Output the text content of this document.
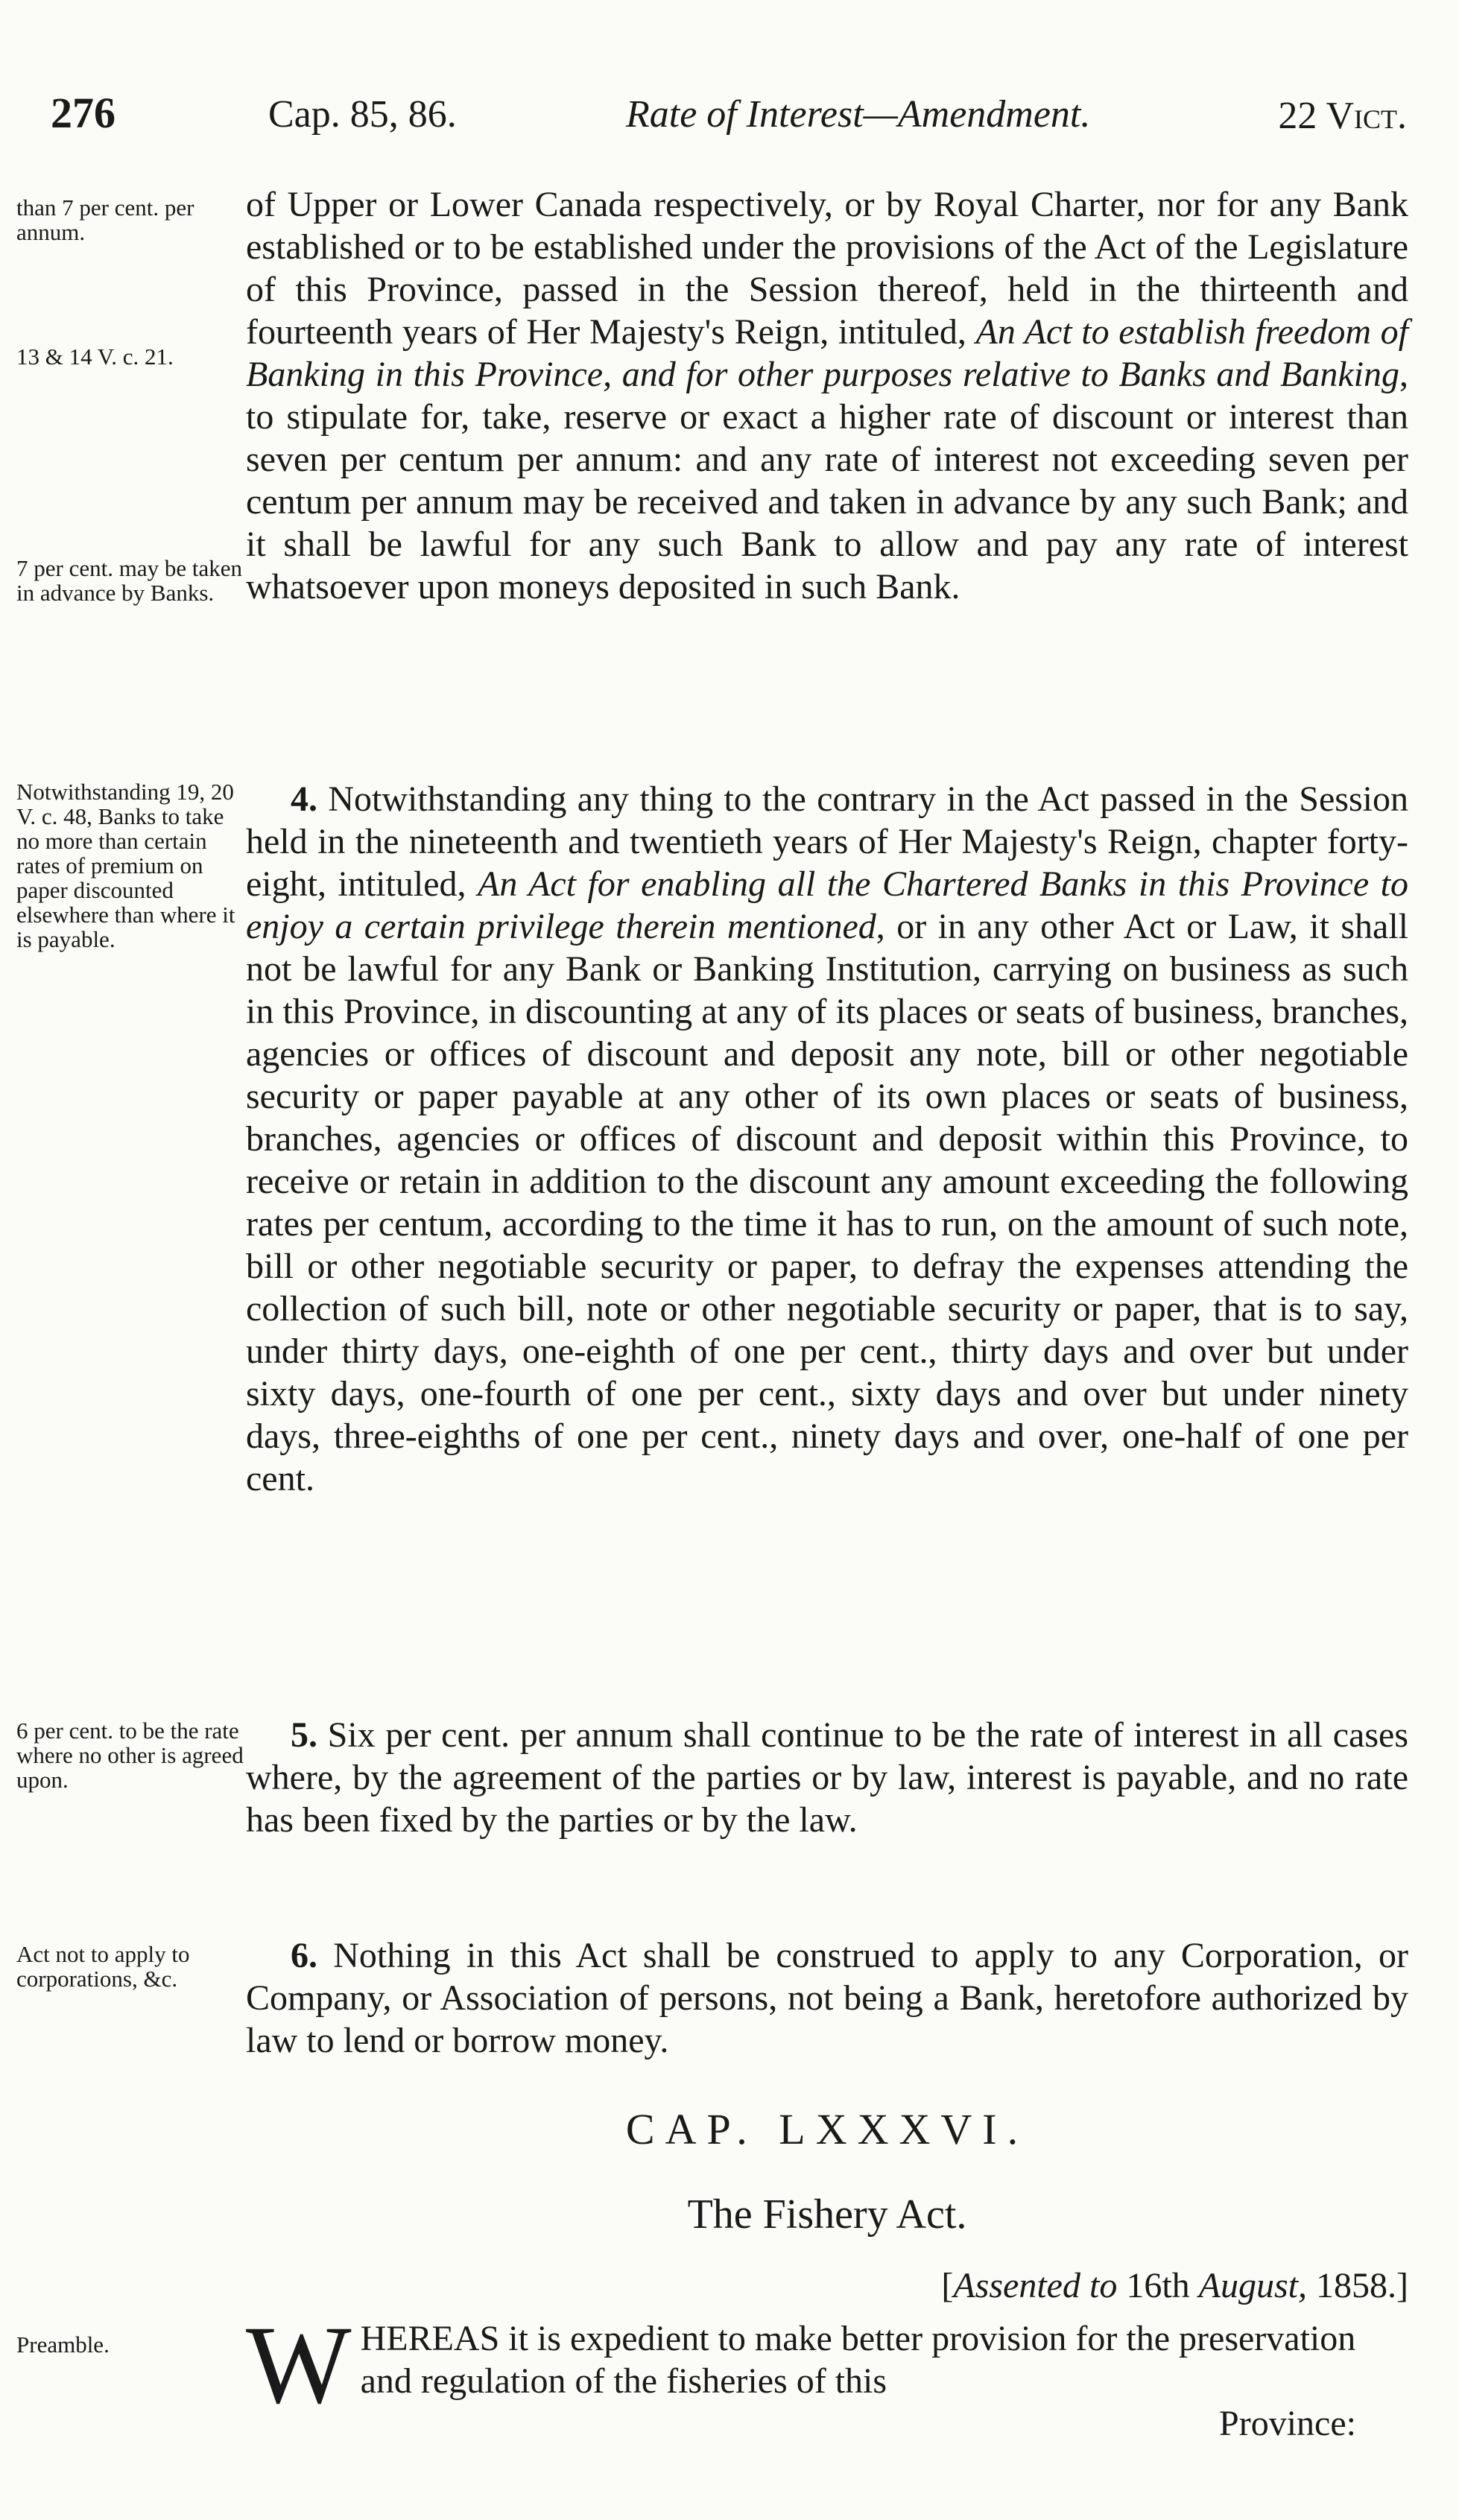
276	Cap. 85, 86.	Rate of Interest—Amendment.	22 Vict.
than 7 per cent. per annum.
13 & 14 V. c. 21.
7 per cent. may be taken in advance by Banks.
Notwithstanding 19, 20 V. c. 48, Banks to take no more than certain rates of premium on paper discounted elsewhere than where it is payable.
6 per cent. to be the rate where no other is agreed upon.
Act not to apply to corporations, &c.
Preamble.

of Upper or Lower Canada respectively, or by Royal Charter, nor for any Bank established or to be established under the provisions of the Act of the Legislature of this Province, passed in the Session thereof, held in the thirteenth and fourteenth years of Her Majesty's Reign, intituled, An Act to establish freedom of Banking in this Province, and for other purposes relative to Banks and Banking, to stipulate for, take, reserve or exact a higher rate of discount or interest than seven per centum per annum: and any rate of interest not exceeding seven per centum per annum may be received and taken in advance by any such Bank; and it shall be lawful for any such Bank to allow and pay any rate of interest whatsoever upon moneys deposited in such Bank.

4. Notwithstanding any thing to the contrary in the Act passed in the Session held in the nineteenth and twentieth years of Her Majesty's Reign, chapter forty-eight, intituled, An Act for enabling all the Chartered Banks in this Province to enjoy a certain privilege therein mentioned, or in any other Act or Law, it shall not be lawful for any Bank or Banking Institution, carrying on business as such in this Province, in discounting at any of its places or seats of business, branches, agencies or offices of discount and deposit any note, bill or other negotiable security or paper payable at any other of its own places or seats of business, branches, agencies or offices of discount and deposit within this Province, to receive or retain in addition to the discount any amount exceeding the following rates per centum, according to the time it has to run, on the amount of such note, bill or other negotiable security or paper, to defray the expenses attending the collection of such bill, note or other negotiable security or paper, that is to say, under thirty days, one-eighth of one per cent., thirty days and over but under sixty days, one-fourth of one per cent., sixty days and over but under ninety days, three-eighths of one per cent., ninety days and over, one-half of one per cent.

5. Six per cent. per annum shall continue to be the rate of interest in all cases where, by the agreement of the parties or by law, interest is payable, and no rate has been fixed by the parties or by the law.

6. Nothing in this Act shall be construed to apply to any Corporation, or Company, or Association of persons, not being a Bank, heretofore authorized by law to lend or borrow money.

CAP. LXXXVI.
The Fishery Act.
[Assented to 16th August, 1858.]
W HEREAS it is expedient to make better provision for the preservation and regulation of the fisheries of this
Province:
